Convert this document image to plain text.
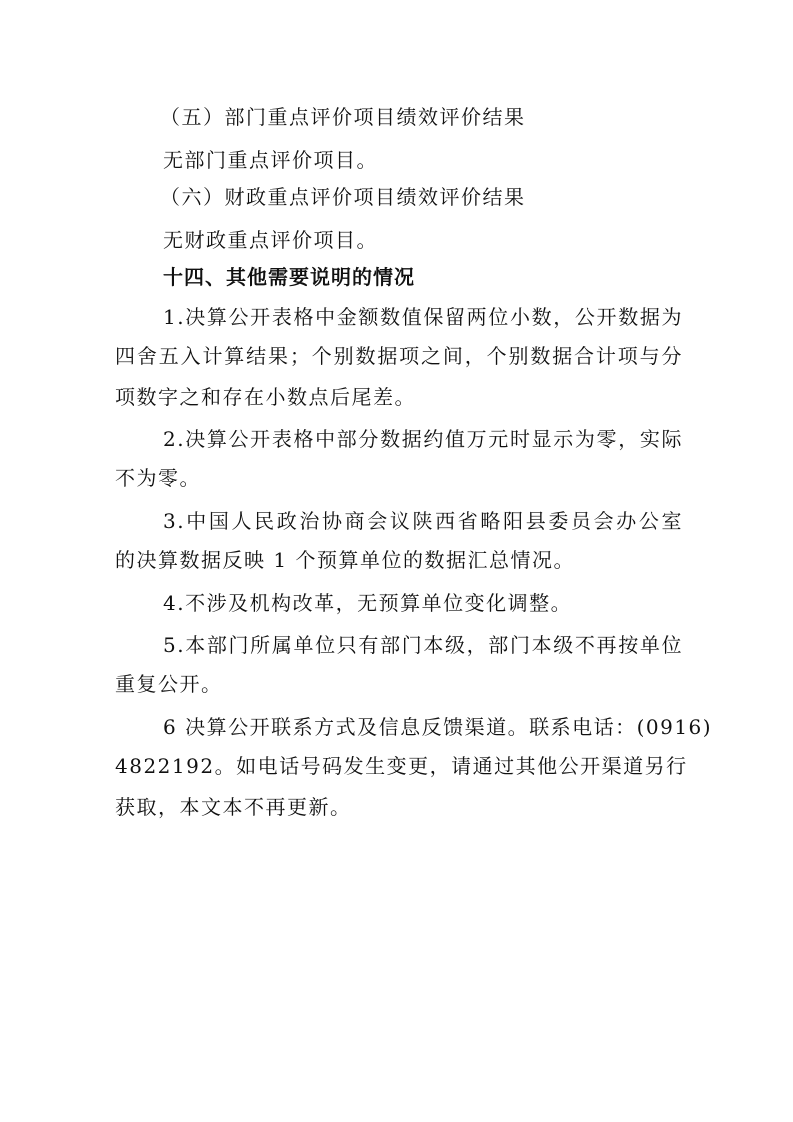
（五）部门重点评价项目绩效评价结果
无部门重点评价项目。
（六）财政重点评价项目绩效评价结果
无财政重点评价项目。
十四、其他需要说明的情况
1.决算公开表格中金额数值保留两位小数，公开数据为
四舍五入计算结果；个别数据项之间，个别数据合计项与分
项数字之和存在小数点后尾差。
2.决算公开表格中部分数据约值万元时显示为零，实际
不为零。
3.中国人民政治协商会议陕西省略阳县委员会办公室
的决算数据反映 1 个预算单位的数据汇总情况。
4.不涉及机构改革，无预算单位变化调整。
5.本部门所属单位只有部门本级，部门本级不再按单位
重复公开。
6 决算公开联系方式及信息反馈渠道。联系电话：(0916)
4822192。如电话号码发生变更，请通过其他公开渠道另行
获取，本文本不再更新。
